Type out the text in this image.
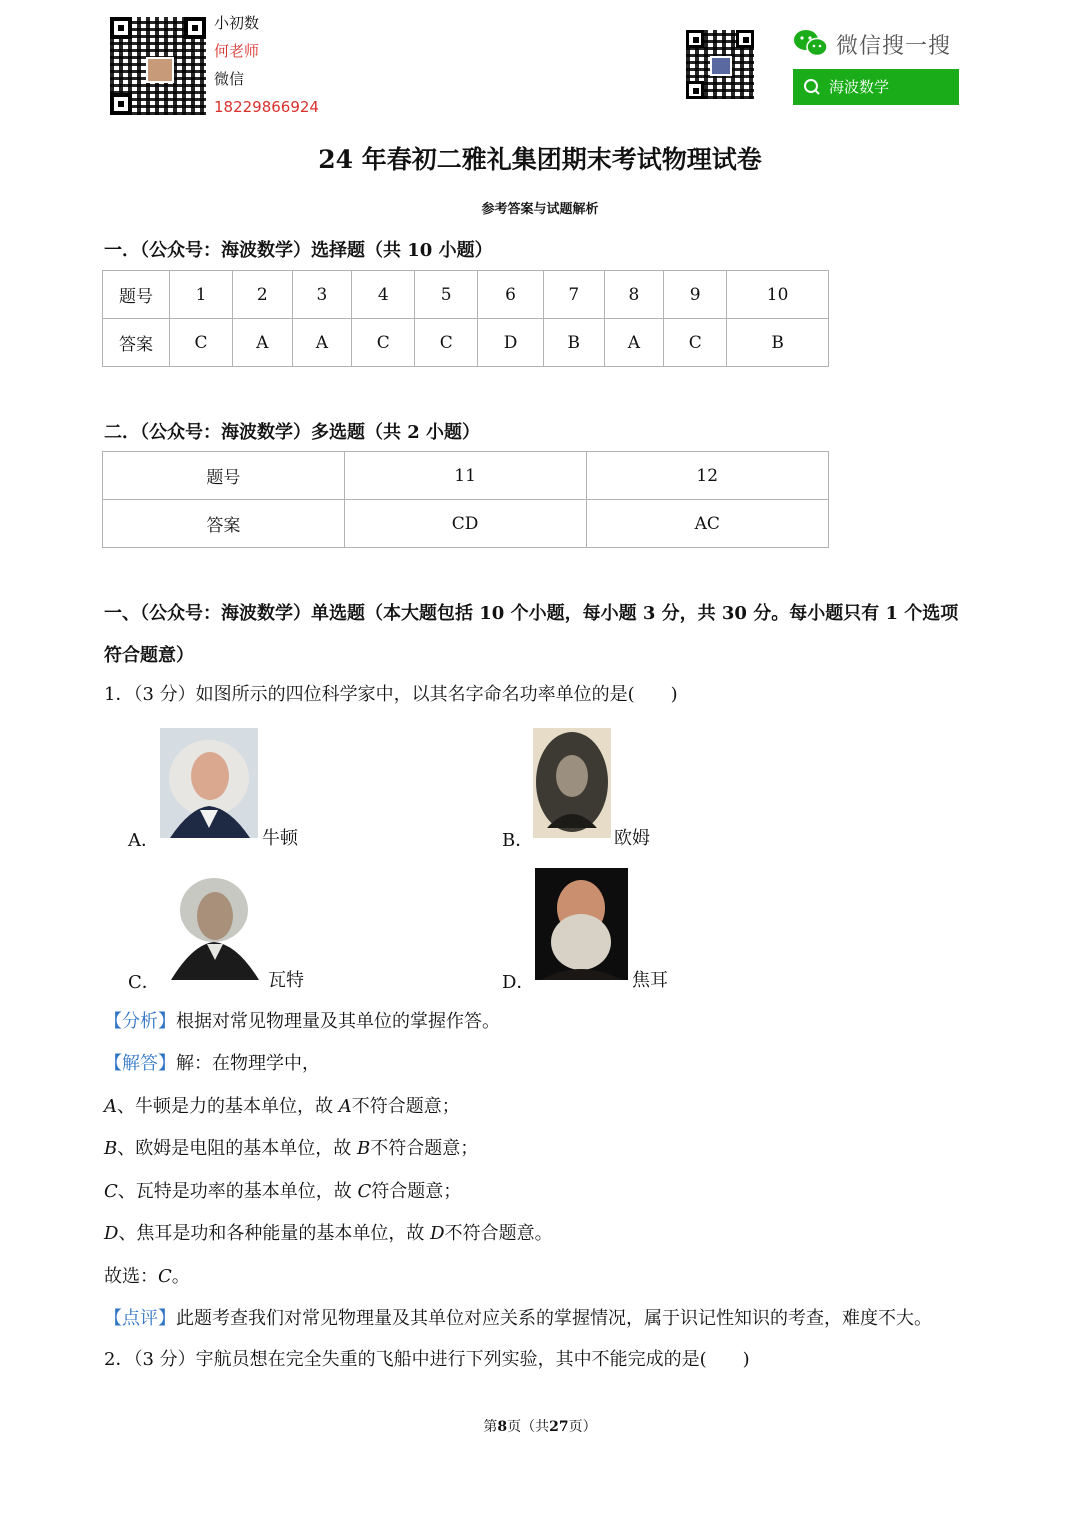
小初数
何老师
微信
18229866924
微信搜一搜
海波数学
24 年春初二雅礼集团期末考试物理试卷
参考答案与试题解析
一．（公众号：海波数学）选择题（共 10 小题）
题号	1	2	3	4	5	6	7	8	9	10
答案	C	A	A	C	C	D	B	A	C	B
二．（公众号：海波数学）多选题（共 2 小题）
题号	11	12
答案	CD	AC
一、（公众号：海波数学）单选题（本大题包括 10 个小题，每小题 3 分，共 30 分。每小题只有 1 个选项
符合题意）
1．（3 分）如图所示的四位科学家中，以其名字命名功率单位的是(　　)
A．	牛顿	B．	欧姆
C．	瓦特	D．	焦耳
【分析】根据对常见物理量及其单位的掌握作答。
【解答】解：在物理学中，
A、牛顿是力的基本单位，故 A不符合题意；
B、欧姆是电阻的基本单位，故 B不符合题意；
C、瓦特是功率的基本单位，故 C符合题意；
D、焦耳是功和各种能量的基本单位，故 D不符合题意。
故选：C。
【点评】此题考查我们对常见物理量及其单位对应关系的掌握情况，属于识记性知识的考查，难度不大。
2．（3 分）宇航员想在完全失重的飞船中进行下列实验，其中不能完成的是(　　)
第8页（共27页）
